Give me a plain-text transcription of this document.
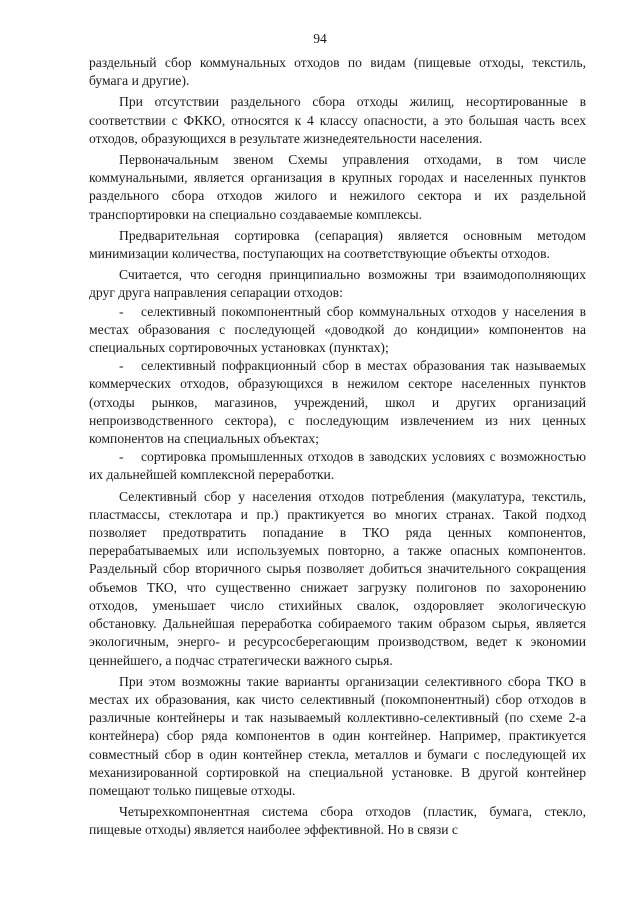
94

раздельный сбор коммунальных отходов по видам (пищевые отходы, текстиль, бумага и другие).

При отсутствии раздельного сбора отходы жилищ, несортированные в соответствии с ФККО, относятся к 4 классу опасности, а это большая часть всех отходов, образующихся в результате жизнедеятельности населения.

Первоначальным звеном Схемы управления отходами, в том числе коммунальными, является организация в крупных городах и населенных пунктов раздельного сбора отходов жилого и нежилого сектора и их раздельной транспортировки на специально создаваемые комплексы.

Предварительная сортировка (сепарация) является основным методом минимизации количества, поступающих на соответствующие объекты отходов.

Считается, что сегодня принципиально возможны три взаимодополняющих друг друга направления сепарации отходов:

- селективный покомпонентный сбор коммунальных отходов у населения в местах образования с последующей «доводкой до кондиции» компонентов на специальных сортировочных установках (пунктах);

- селективный пофракционный сбор в местах образования так называемых коммерческих отходов, образующихся в нежилом секторе населенных пунктов (отходы рынков, магазинов, учреждений, школ и других организаций непроизводственного сектора), с последующим извлечением из них ценных компонентов на специальных объектах;

- сортировка промышленных отходов в заводских условиях с возможностью их дальнейшей комплексной переработки.

Селективный сбор у населения отходов потребления (макулатура, текстиль, пластмассы, стеклотара и пр.) практикуется во многих странах. Такой подход позволяет предотвратить попадание в ТКО ряда ценных компонентов, перерабатываемых или используемых повторно, а также опасных компонентов. Раздельный сбор вторичного сырья позволяет добиться значительного сокращения объемов ТКО, что существенно снижает загрузку полигонов по захоронению отходов, уменьшает число стихийных свалок, оздоровляет экологическую обстановку. Дальнейшая переработка собираемого таким образом сырья, является экологичным, энерго- и ресурсосберегающим производством, ведет к экономии ценнейшего, а подчас стратегически важного сырья.

При этом возможны такие варианты организации селективного сбора ТКО в местах их образования, как чисто селективный (покомпонентный) сбор отходов в различные контейнеры и так называемый коллективно-селективный (по схеме 2-а контейнера) сбор ряда компонентов в один контейнер. Например, практикуется совместный сбор в один контейнер стекла, металлов и бумаги с последующей их механизированной сортировкой на специальной установке. В другой контейнер помещают только пищевые отходы.

Четырехкомпонентная система сбора отходов (пластик, бумага, стекло, пищевые отходы) является наиболее эффективной. Но в связи с
